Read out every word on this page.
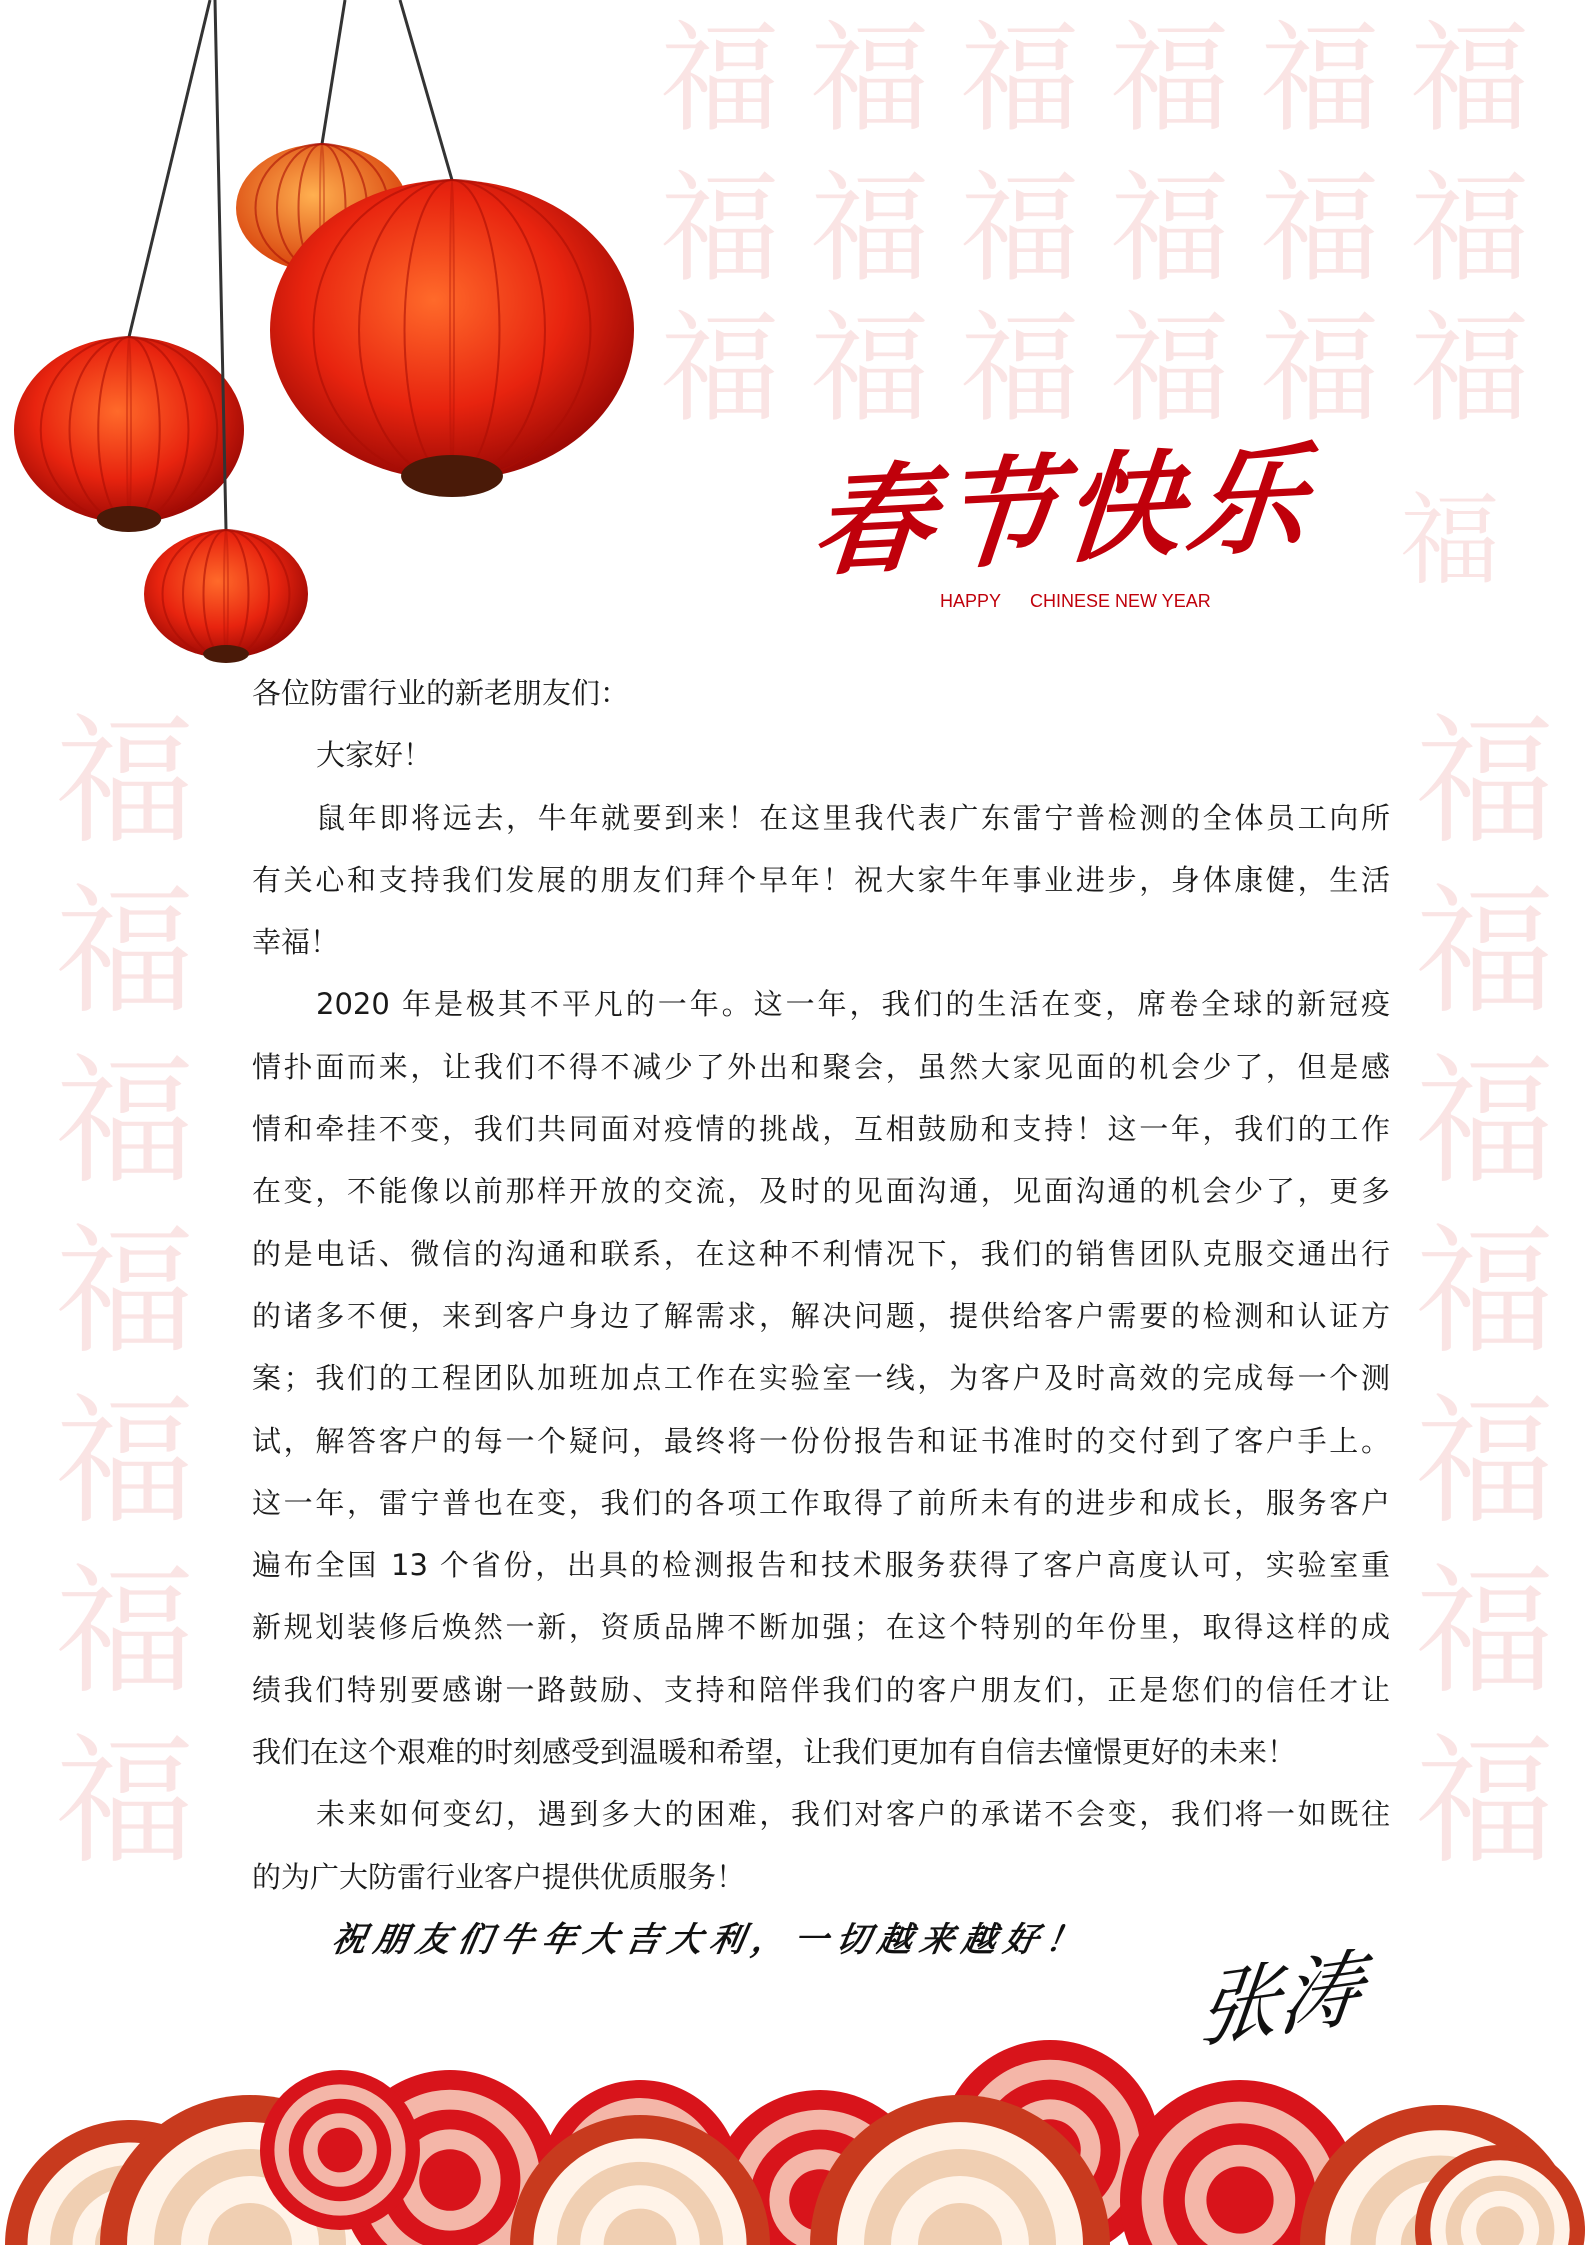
福
福
福
福
福
福
福
福
福
福
福
福
福
福
福
福
福
福
福
福
福
福
福
福
福
福
福
福
福
福
福
福
福
春节快乐
HAPPY CHINESE NEW YEAR
各位防雷行业的新老朋友们：
大家好！
鼠年即将远去，牛年就要到来！在这里我代表广东雷宁普检测的全体员工向所
有关心和支持我们发展的朋友们拜个早年！祝大家牛年事业进步，身体康健，生活
幸福！
2020 年是极其不平凡的一年。这一年，我们的生活在变，席卷全球的新冠疫
情扑面而来，让我们不得不减少了外出和聚会，虽然大家见面的机会少了，但是感
情和牵挂不变，我们共同面对疫情的挑战，互相鼓励和支持！这一年，我们的工作
在变，不能像以前那样开放的交流，及时的见面沟通，见面沟通的机会少了，更多
的是电话、微信的沟通和联系，在这种不利情况下，我们的销售团队克服交通出行
的诸多不便，来到客户身边了解需求，解决问题，提供给客户需要的检测和认证方
案；我们的工程团队加班加点工作在实验室一线，为客户及时高效的完成每一个测
试，解答客户的每一个疑问，最终将一份份报告和证书准时的交付到了客户手上。
这一年，雷宁普也在变，我们的各项工作取得了前所未有的进步和成长，服务客户
遍布全国 13 个省份，出具的检测报告和技术服务获得了客户高度认可，实验室重
新规划装修后焕然一新，资质品牌不断加强；在这个特别的年份里，取得这样的成
绩我们特别要感谢一路鼓励、支持和陪伴我们的客户朋友们，正是您们的信任才让
我们在这个艰难的时刻感受到温暖和希望，让我们更加有自信去憧憬更好的未来！
未来如何变幻，遇到多大的困难，我们对客户的承诺不会变，我们将一如既往
的为广大防雷行业客户提供优质服务！
祝朋友们牛年大吉大利，一切越来越好！
张涛
